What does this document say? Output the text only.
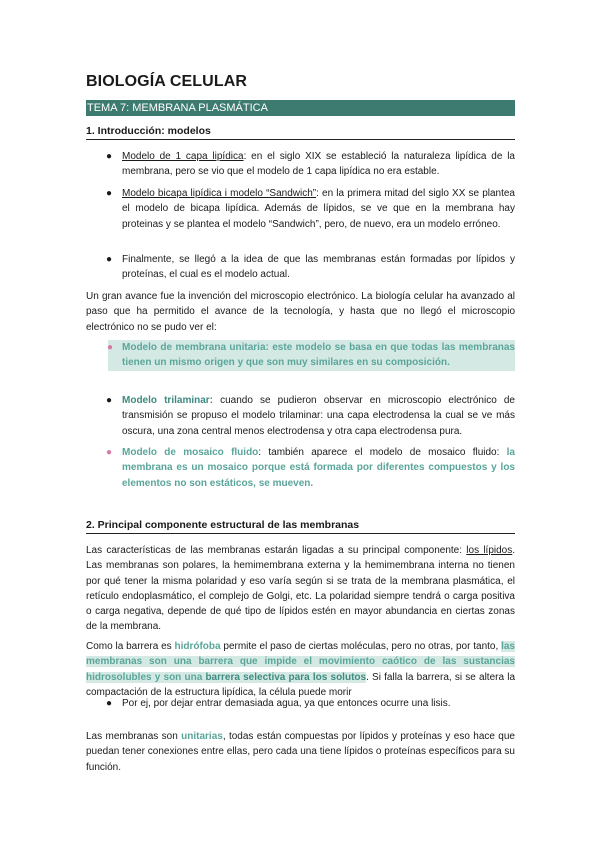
BIOLOGÍA CELULAR
TEMA 7: MEMBRANA PLASMÁTICA
1. Introducción: modelos
● Modelo de 1 capa lipídica: en el siglo XIX se estableció la naturaleza lipídica de la membrana, pero se vio que el modelo de 1 capa lipídica no era estable.
● Modelo bicapa lipídica i modelo “Sandwich”: en la primera mitad del siglo XX se plantea el modelo de bicapa lipídica. Además de lípidos, se ve que en la membrana hay proteinas y se plantea el modelo “Sandwich”, pero, de nuevo, era un modelo erróneo.
● Finalmente, se llegó a la idea de que las membranas están formadas por lípidos y proteínas, el cual es el modelo actual.
Un gran avance fue la invención del microscopio electrónico. La biología celular ha avanzado al paso que ha permitido el avance de la tecnología, y hasta que no llegó el microscopio electrónico no se pudo ver el:
● Modelo de membrana unitaria: este modelo se basa en que todas las membranas tienen un mismo origen y que son muy similares en su composición.
● Modelo trilaminar: cuando se pudieron observar en microscopio electrónico de transmisión se propuso el modelo trilaminar: una capa electrodensa la cual se ve más oscura, una zona central menos electrodensa y otra capa electrodensa pura.
● Modelo de mosaico fluido: también aparece el modelo de mosaico fluido: la membrana es un mosaico porque está formada por diferentes compuestos y los elementos no son estáticos, se mueven.
2. Principal componente estructural de las membranas
Las características de las membranas estarán ligadas a su principal componente: los lípidos. Las membranas son polares, la hemimembrana externa y la hemimembrana interna no tienen por qué tener la misma polaridad y eso varía según si se trata de la membrana plasmática, el retículo endoplasmático, el complejo de Golgi, etc. La polaridad siempre tendrá o carga positiva o carga negativa, depende de qué tipo de lípidos estén en mayor abundancia en ciertas zonas de la membrana.
Como la barrera es hidrófoba permite el paso de ciertas moléculas, pero no otras, por tanto, las membranas son una barrera que impide el movimiento caótico de las sustancias hidrosolubles y son una barrera selectiva para los solutos. Si falla la barrera, si se altera la compactación de la estructura lipídica, la célula puede morir
● Por ej, por dejar entrar demasiada agua, ya que entonces ocurre una lisis.
Las membranas son unitarias, todas están compuestas por lípidos y proteínas y eso hace que puedan tener conexiones entre ellas, pero cada una tiene lípidos o proteínas específicos para su función.
